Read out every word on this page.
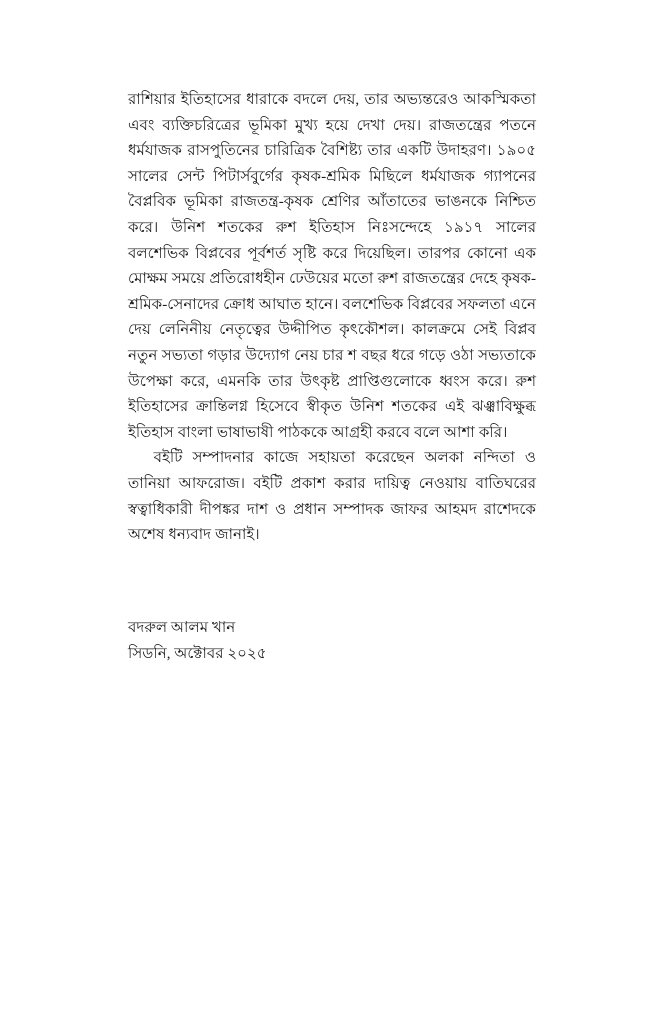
রাশিয়ার ইতিহাসের ধারাকে বদলে দেয়, তার অভ্যন্তরেও আকস্মিকতা এবং ব্যক্তিচরিত্রের ভূমিকা মুখ্য হয়ে দেখা দেয়। রাজতন্ত্রের পতনে ধর্মযাজক রাসপুতিনের চারিত্রিক বৈশিষ্ট্য তার একটি উদাহরণ। ১৯০৫ সালের সেন্ট পিটার্সবুর্গের কৃষক-শ্রমিক মিছিলে ধর্মযাজক গ্যাপনের বৈপ্লবিক ভূমিকা রাজতন্ত্র-কৃষক শ্রেণির আঁতাতের ভাঙনকে নিশ্চিত করে। উনিশ শতকের রুশ ইতিহাস নিঃসন্দেহে ১৯১৭ সালের বলশেভিক বিপ্লবের পূর্বশর্ত সৃষ্টি করে দিয়েছিল। তারপর কোনো এক মোক্ষম সময়ে প্রতিরোধহীন ঢেউয়ের মতো রুশ রাজতন্ত্রের দেহে কৃষক-শ্রমিক-সেনাদের ক্রোধ আঘাত হানে। বলশেভিক বিপ্লবের সফলতা এনে দেয় লেনিনীয় নেতৃত্বের উদ্দীপিত কৃৎকৌশল। কালক্রমে সেই বিপ্লব নতুন সভ্যতা গড়ার উদ্যোগ নেয় চার শ বছর ধরে গড়ে ওঠা সভ্যতাকে উপেক্ষা করে, এমনকি তার উৎকৃষ্ট প্রাপ্তিগুলোকে ধ্বংস করে। রুশ ইতিহাসের ক্রান্তিলগ্ন হিসেবে স্বীকৃত উনিশ শতকের এই ঝঞ্ঝাবিক্ষুব্ধ ইতিহাস বাংলা ভাষাভাষী পাঠককে আগ্রহী করবে বলে আশা করি।

বইটি সম্পাদনার কাজে সহায়তা করেছেন অলকা নন্দিতা ও তানিয়া আফরোজ। বইটি প্রকাশ করার দায়িত্ব নেওয়ায় বাতিঘরের স্বত্বাধিকারী দীপঙ্কর দাশ ও প্রধান সম্পাদক জাফর আহমদ রাশেদকে অশেষ ধন্যবাদ জানাই।

বদরুল আলম খান

সিডনি, অক্টোবর ২০২৫
